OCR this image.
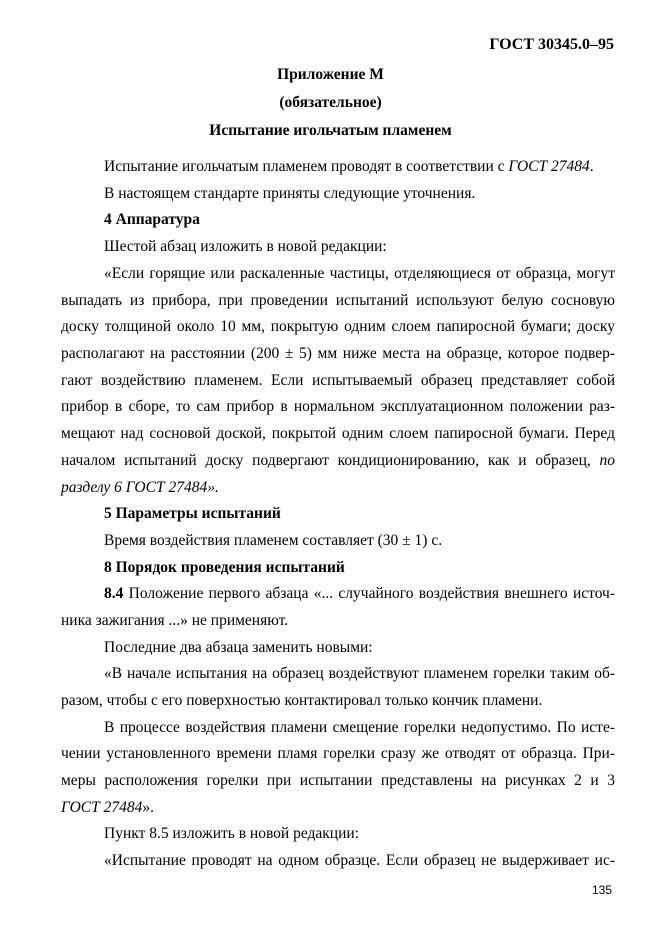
ГОСТ 30345.0–95
Приложение М
(обязательное)
Испытание игольчатым пламенем
Испытание игольчатым пламенем проводят в соответствии с ГОСТ 27484.
В настоящем стандарте приняты следующие уточнения.
4 Аппаратура
Шестой абзац изложить в новой редакции:
«Если горящие или раскаленные частицы, отделяющиеся от образца, могут
выпадать из прибора, при проведении испытаний используют белую сосновую
доску толщиной около 10 мм, покрытую одним слоем папиросной бумаги; доску
располагают на расстоянии (200 ± 5) мм ниже места на образце, которое подвер-
гают воздействию пламенем. Если испытываемый образец представляет собой
прибор в сборе, то сам прибор в нормальном эксплуатационном положении раз-
мещают над сосновой доской, покрытой одним слоем папиросной бумаги. Перед
началом испытаний доску подвергают кондиционированию, как и образец, по
разделу 6 ГОСТ 27484».
5 Параметры испытаний
Время воздействия пламенем составляет (30 ± 1) с.
8 Порядок проведения испытаний
8.4 Положение первого абзаца «... случайного воздействия внешнего источ-
ника зажигания ...» не применяют.
Последние два абзаца заменить новыми:
«В начале испытания на образец воздействуют пламенем горелки таким об-
разом, чтобы с его поверхностью контактировал только кончик пламени.
В процессе воздействия пламени смещение горелки недопустимо. По исте-
чении установленного времени пламя горелки сразу же отводят от образца. При-
меры расположения горелки при испытании представлены на рисунках 2 и 3
ГОСТ 27484».
Пункт 8.5 изложить в новой редакции:
«Испытание проводят на одном образце. Если образец не выдерживает ис-
135
